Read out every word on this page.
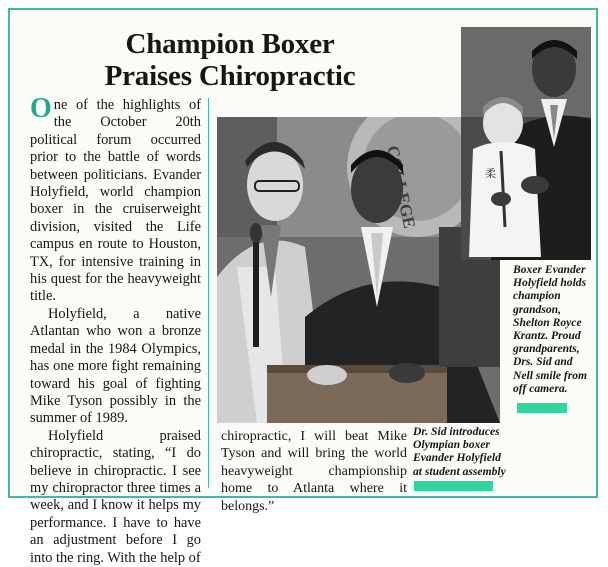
Champion Boxer
Praises Chiropractic

One of the highlights of the October 20th political forum occurred prior to the battle of words between politicians. Evander Holyfield, world champion boxer in the cruiserweight division, visited the Life campus en route to Houston, TX, for intensive training in his quest for the heavyweight title.

Holyfield, a native Atlantan who won a bronze medal in the 1984 Olympics, has one more fight remaining toward his goal of fighting Mike Tyson possibly in the summer of 1989.

Holyfield praised chiropractic, stating, “I do believe in chiropractic. I see my chiropractor three times a week, and I know it helps my performance. I have to have an adjustment before I go into the ring. With the help of

chiropractic, I will beat Mike Tyson and will bring the world heavyweight championship home to Atlanta where it belongs.”
Dr. Sid introduces Olympian boxer Evander Holyfield at student assembly
柔
Boxer Evander Holyfield holds champion grandson, Shelton Royce Krantz. Proud grandparents, Drs. Sid and Nell smile from off camera.
